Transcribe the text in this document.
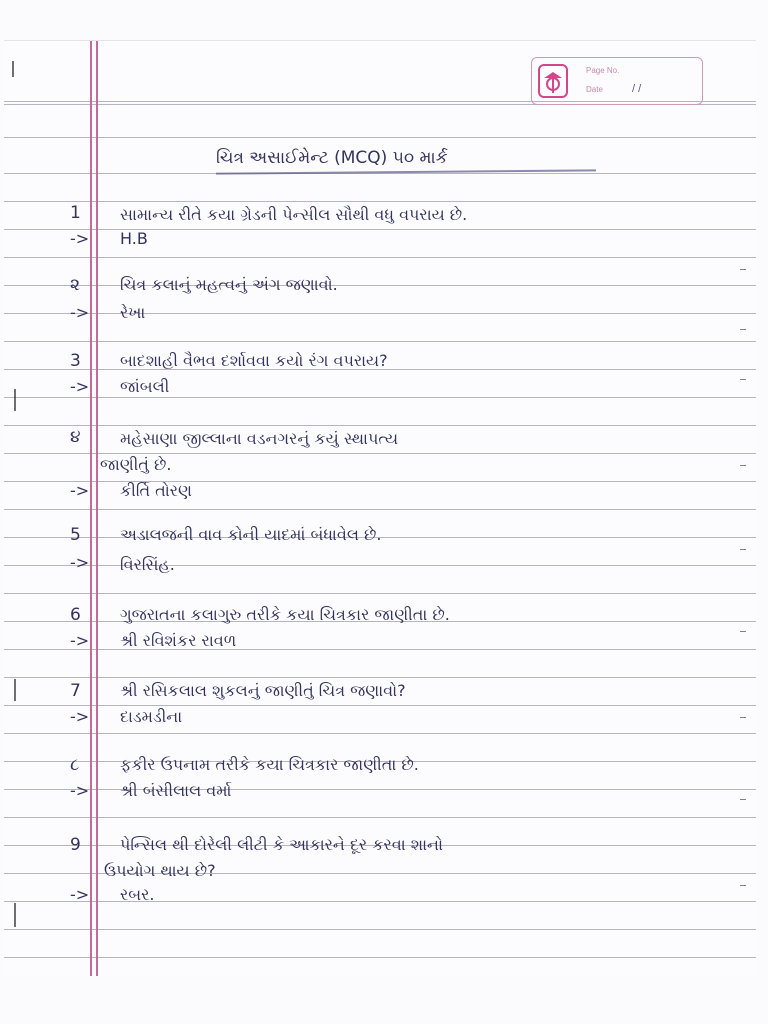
Page No.
Date	/ /
ચિત્ર અસાઈમેન્ટ (MCQ) ૫૦ માર્ક
1 સામાન્ય રીતે કયા ગ્રેડની પેન્સીલ સૌથી વધુ વપરાય છે.
-> H.B
૨	ચિત્ર કલાનું મહત્વનું અંગ જણાવો.
-> રેખા
3 બાદશાહી વૈભવ દર્શાવવા કયો રંગ વપરાય?
-> જાંબલી
૪ મહેસાણા જીલ્લાના વડનગરનું કયું સ્થાપત્ય
જાણીતું છે.
-> કીર્તિ તોરણ
5 અડાલજની વાવ કોની યાદમાં બંધાવેલ છે.
-> વિરસિંહ.
6 ગુજરાતના કલાગુરુ તરીકે કયા ચિત્રકાર જાણીતા છે.
-> શ્રી રવિશંકર રાવળ
7 શ્રી રસિકલાલ શુકલનું જાણીતું ચિત્ર જણાવો?
-> દાડમડીના
૮	ફકીર ઉપનામ તરીકે કયા ચિત્રકાર જાણીતા છે.
-> શ્રી બંસીલાલ વર્મા
9 પેન્સિલ થી દોરેલી લીટી કે આકારને દૂર કરવા શાનો
ઉપયોગ થાય છે?
-> રબર.
